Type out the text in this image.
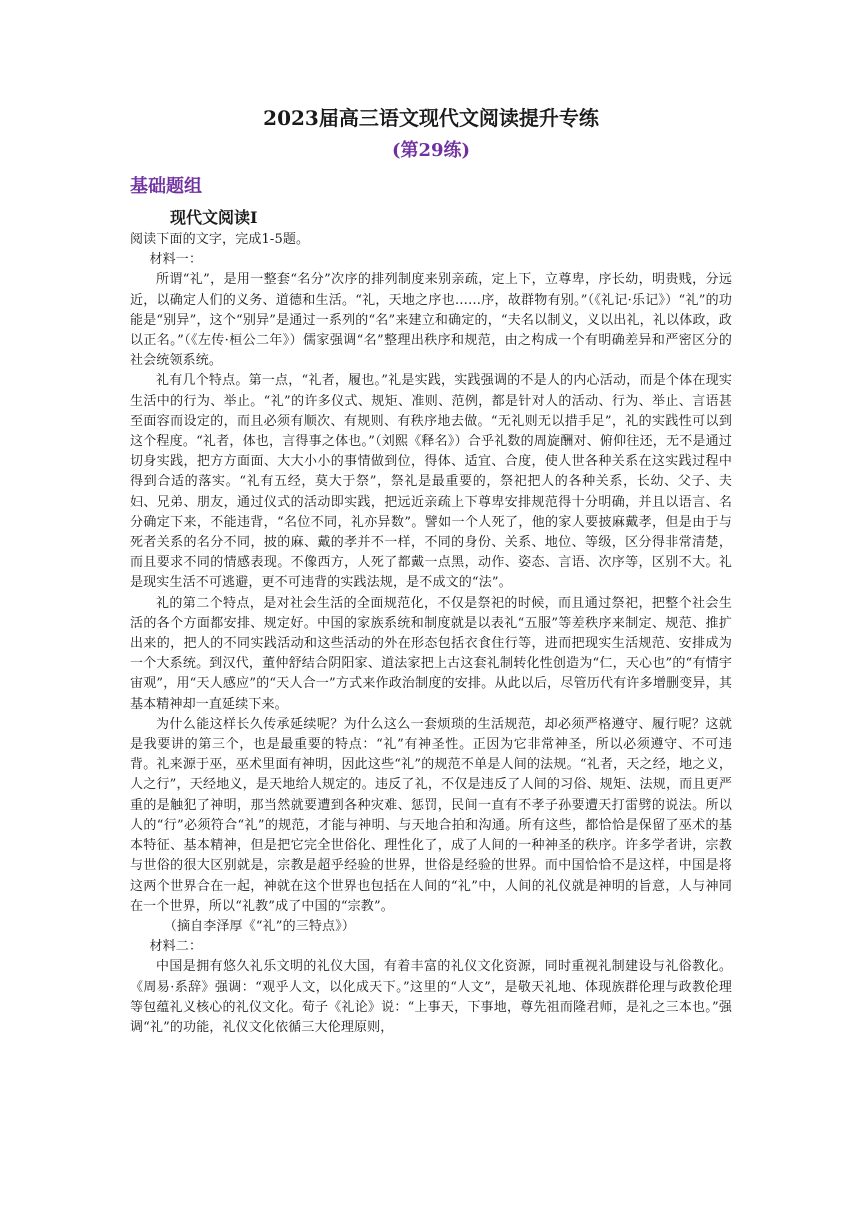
2023届高三语文现代文阅读提升专练
(第29练)
基础题组
现代文阅读Ⅰ

阅读下面的文字，完成1-5题。

材料一：

所谓“礼”，是用一整套“名分”次序的排列制度来别亲疏，定上下，立尊卑，序长幼，明贵贱，分远近，以确定人们的义务、道德和生活。“礼，天地之序也……序，故群物有别。”（《礼记·乐记》）“礼”的功能是“别异”，这个“别异”是通过一系列的“名”来建立和确定的，“夫名以制义，义以出礼，礼以体政，政以正名。”（《左传·桓公二年》）儒家强调“名”整理出秩序和规范，由之构成一个有明确差异和严密区分的社会统领系统。

礼有几个特点。第一点，“礼者，履也。”礼是实践，实践强调的不是人的内心活动，而是个体在现实生活中的行为、举止。“礼”的许多仪式、规矩、准则、范例，都是针对人的活动、行为、举止、言语甚至面容而设定的，而且必须有顺次、有规则、有秩序地去做。“无礼则无以措手足”，礼的实践性可以到这个程度。“礼者，体也，言得事之体也。”（刘熙《释名》）合乎礼数的周旋酬对、俯仰往还，无不是通过切身实践，把方方面面、大大小小的事情做到位，得体、适宜、合度，使人世各种关系在这实践过程中得到合适的落实。“礼有五经，莫大于祭”，祭礼是最重要的，祭祀把人的各种关系，长幼、父子、夫妇、兄弟、朋友，通过仪式的活动即实践，把远近亲疏上下尊卑安排规范得十分明确，并且以语言、名分确定下来，不能违背，“名位不同，礼亦异数”。譬如一个人死了，他的家人要披麻戴孝，但是由于与死者关系的名分不同，披的麻、戴的孝并不一样，不同的身份、关系、地位、等级，区分得非常清楚，而且要求不同的情感表现。不像西方，人死了都戴一点黑，动作、姿态、言语、次序等，区别不大。礼是现实生活不可逃避，更不可违背的实践法规，是不成文的“法”。

礼的第二个特点，是对社会生活的全面规范化，不仅是祭祀的时候，而且通过祭祀，把整个社会生活的各个方面都安排、规定好。中国的家族系统和制度就是以表礼“五服”等差秩序来制定、规范、推扩出来的，把人的不同实践活动和这些活动的外在形态包括衣食住行等，进而把现实生活规范、安排成为一个大系统。到汉代，董仲舒结合阴阳家、道法家把上古这套礼制转化性创造为“仁，天心也”的“有情宇宙观”，用“天人感应”的“天人合一”方式来作政治制度的安排。从此以后，尽管历代有许多增删变异，其基本精神却一直延续下来。

为什么能这样长久传承延续呢？为什么这么一套烦琐的生活规范，却必须严格遵守、履行呢？这就是我要讲的第三个，也是最重要的特点：“礼”有神圣性。正因为它非常神圣，所以必须遵守、不可违背。礼来源于巫，巫术里面有神明，因此这些“礼”的规范不单是人间的法规。“礼者，天之经，地之义，人之行”，天经地义，是天地给人规定的。违反了礼，不仅是违反了人间的习俗、规矩、法规，而且更严重的是触犯了神明，那当然就要遭到各种灾难、惩罚，民间一直有不孝子孙要遭天打雷劈的说法。所以人的“行”必须符合“礼”的规范，才能与神明、与天地合拍和沟通。所有这些，都恰恰是保留了巫术的基本特征、基本精神，但是把它完全世俗化、理性化了，成了人间的一种神圣的秩序。许多学者讲，宗教与世俗的很大区别就是，宗教是超乎经验的世界，世俗是经验的世界。而中国恰恰不是这样，中国是将这两个世界合在一起，神就在这个世界也包括在人间的“礼”中，人间的礼仪就是神明的旨意，人与神同在一个世界，所以“礼教”成了中国的“宗教”。

（摘自李泽厚《“礼”的三特点》）

材料二：

中国是拥有悠久礼乐文明的礼仪大国，有着丰富的礼仪文化资源，同时重视礼制建设与礼俗教化。《周易·系辞》强调：“观乎人文，以化成天下。”这里的“人文”，是敬天礼地、体现族群伦理与政教伦理等包蕴礼义核心的礼仪文化。荀子《礼论》说：“上事天，下事地，尊先祖而隆君师，是礼之三本也。”强调“礼”的功能，礼仪文化依循三大伦理原则，
